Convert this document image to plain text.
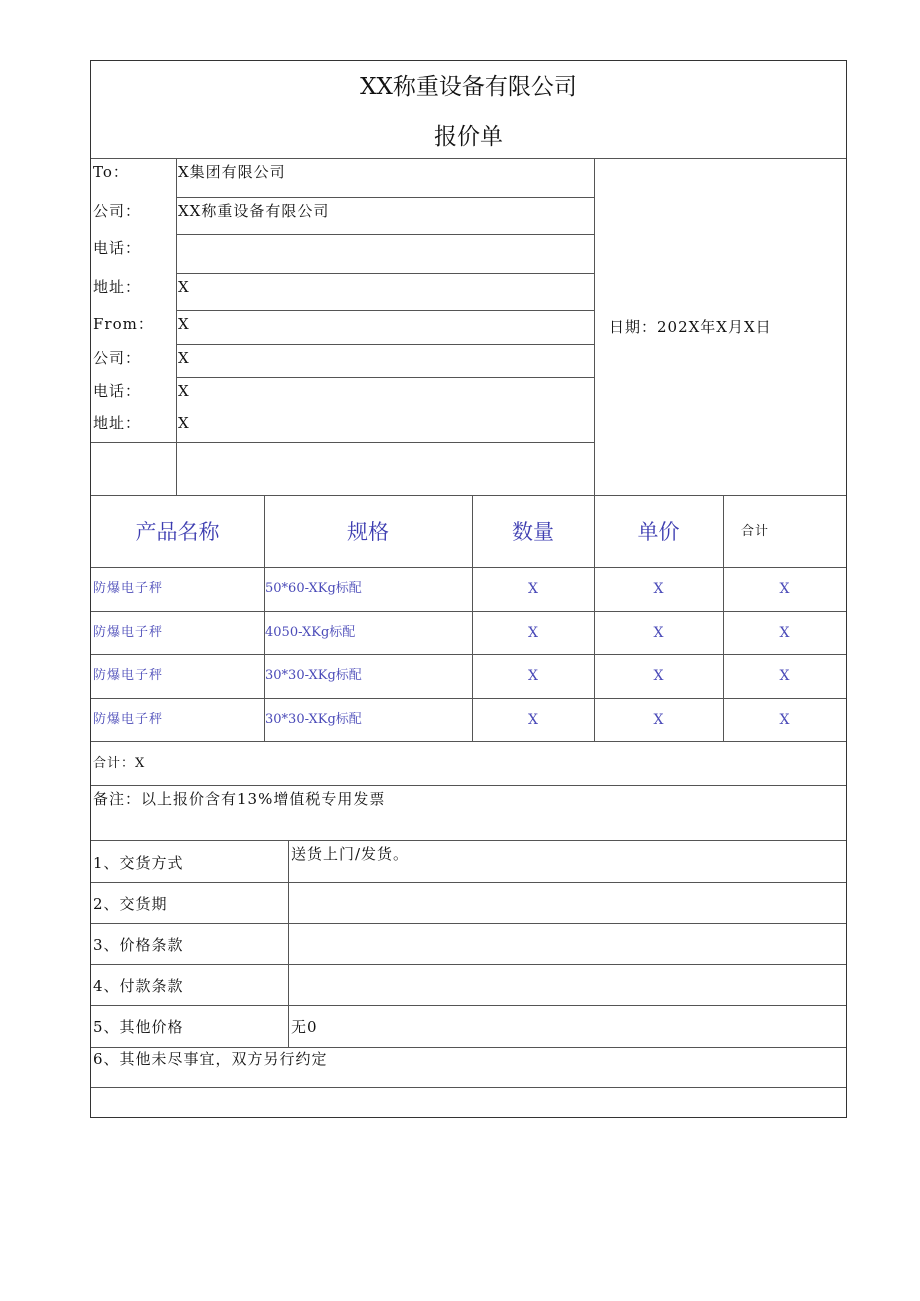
XX称重设备有限公司
报价单
To：	X集团有限公司
公司： XX称重设备有限公司
电话：
地址： X
From： X
公司： X
电话： X
地址： X
日期：202X年X月X日
产品名称	规格	数量	单价	合计
防爆电子秤	50*60-XKg标配	X	X	X
防爆电子秤	4050-XKg标配	X	X	X
防爆电子秤	30*30-XKg标配	X	X	X
防爆电子秤	30*30-XKg标配	X	X	X
合计：X
备注：以上报价含有13%增值税专用发票
1、交货方式	送货上门/发货。
2、交货期
3、价格条款
4、付款条款
5、其他价格	无0
6、其他未尽事宜，双方另行约定
